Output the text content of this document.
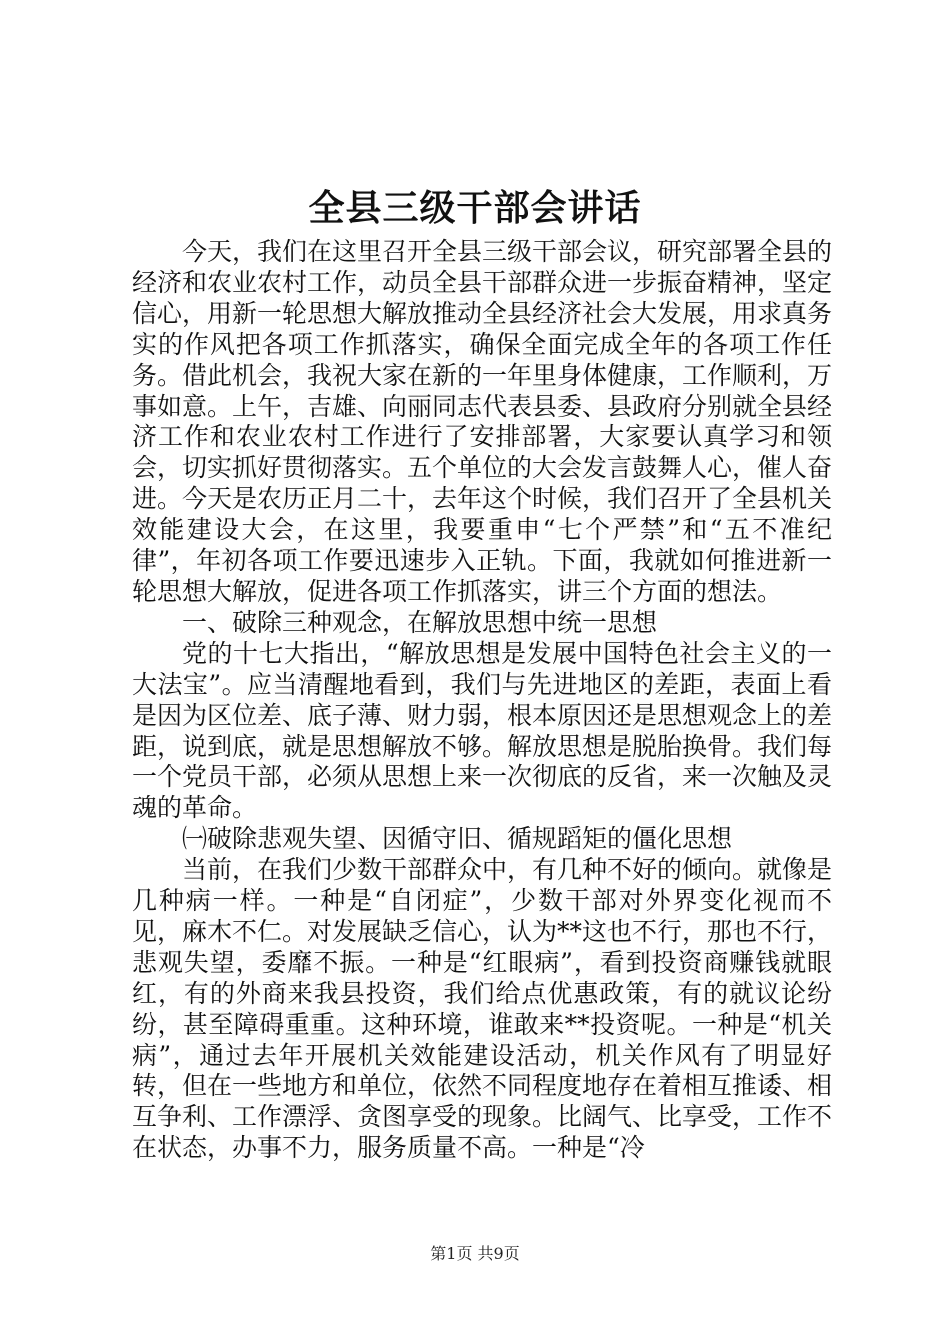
全县三级干部会讲话

今天，我们在这里召开全县三级干部会议，研究部署全县的经济和农业农村工作，动员全县干部群众进一步振奋精神，坚定信心，用新一轮思想大解放推动全县经济社会大发展，用求真务实的作风把各项工作抓落实，确保全面完成全年的各项工作任务。借此机会，我祝大家在新的一年里身体健康，工作顺利，万事如意。上午，吉雄、向丽同志代表县委、县政府分别就全县经济工作和农业农村工作进行了安排部署，大家要认真学习和领会，切实抓好贯彻落实。五个单位的大会发言鼓舞人心，催人奋进。今天是农历正月二十，去年这个时候，我们召开了全县机关效能建设大会，在这里，我要重申“七个严禁”和“五不准纪律”，年初各项工作要迅速步入正轨。下面，我就如何推进新一轮思想大解放，促进各项工作抓落实，讲三个方面的想法。

一、破除三种观念，在解放思想中统一思想

党的十七大指出，“解放思想是发展中国特色社会主义的一大法宝”。应当清醒地看到，我们与先进地区的差距，表面上看是因为区位差、底子薄、财力弱，根本原因还是思想观念上的差距，说到底，就是思想解放不够。解放思想是脱胎换骨。我们每一个党员干部，必须从思想上来一次彻底的反省，来一次触及灵魂的革命。

㈠破除悲观失望、因循守旧、循规蹈矩的僵化思想

当前，在我们少数干部群众中，有几种不好的倾向。就像是几种病一样。一种是“自闭症”，少数干部对外界变化视而不见，麻木不仁。对发展缺乏信心，认为**这也不行，那也不行，悲观失望，委靡不振。一种是“红眼病”，看到投资商赚钱就眼红，有的外商来我县投资，我们给点优惠政策，有的就议论纷纷，甚至障碍重重。这种环境，谁敢来**投资呢。一种是“机关病”，通过去年开展机关效能建设活动，机关作风有了明显好转，但在一些地方和单位，依然不同程度地存在着相互推诿、相互争利、工作漂浮、贪图享受的现象。比阔气、比享受，工作不在状态，办事不力，服务质量不高。一种是“冷

第1页 共9页
